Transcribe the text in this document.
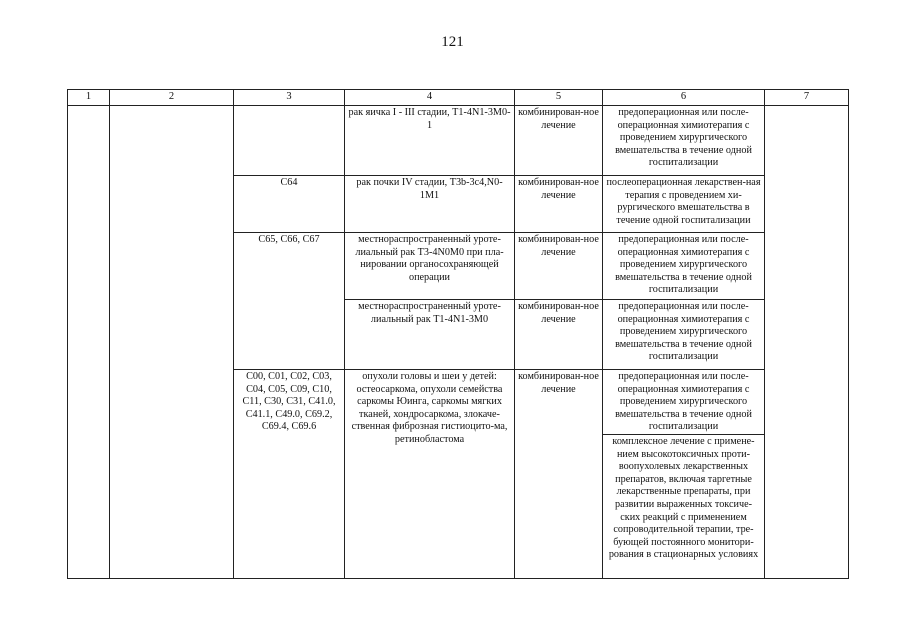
121
1	2	3	4	5	6	7
			рак яичка I - III стадии, T1-4N1-3M0-1	комбинирован-ное лечение	предоперационная или после-операционная химиотерапия с проведением хирургического вмешательства в течение одной госпитализации	
		C64	рак почки IV стадии, T3b-3c4,N0-1M1	комбинирован-ное лечение	послеоперационная лекарствен-ная терапия с проведением хи-рургического вмешательства в течение одной госпитализации	
		C65, C66, C67	местнораспространенный уроте-лиальный рак T3-4N0M0 при пла-нировании органосохраняющей операции	комбинирован-ное лечение	предоперационная или после-операционная химиотерапия с проведением хирургического вмешательства в течение одной госпитализации	
			местнораспространенный уроте-лиальный рак T1-4N1-3M0	комбинирован-ное лечение	предоперационная или после-операционная химиотерапия с проведением хирургического вмешательства в течение одной госпитализации	
		C00, C01, C02, C03, C04, C05, C09, C10, C11, C30, C31, C41.0, C41.1, C49.0, C69.2, C69.4, C69.6	опухоли головы и шеи у детей: остеосаркома, опухоли семейства саркомы Юинга, саркомы мягких тканей, хондросаркома, злокаче-ственная фиброзная гистиоцито-ма, ретинобластома	комбинирован-ное лечение	предоперационная или после-операционная химиотерапия с проведением хирургического вмешательства в течение одной госпитализации	
					комплексное лечение с примене-нием высокотоксичных проти-воопухолевых лекарственных препаратов, включая таргетные лекарственные препараты, при развитии выраженных токсиче-ских реакций с применением сопроводительной терапии, тре-бующей постоянного монитори-рования в стационарных условиях	
